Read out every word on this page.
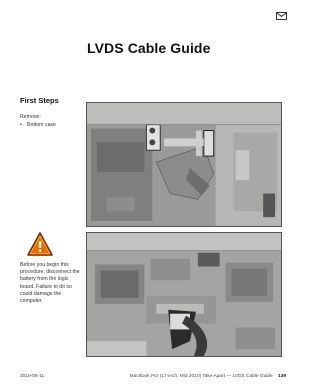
LVDS Cable Guide
First Steps
Remove:
• Bottom case
Before you begin this procedure, disconnect the battery from the logic board. Failure to do so could damage the computer.
2010-06-11	MacBook Pro (17-inch, Mid 2010) Take Apart — LVDS Cable Guide 139
